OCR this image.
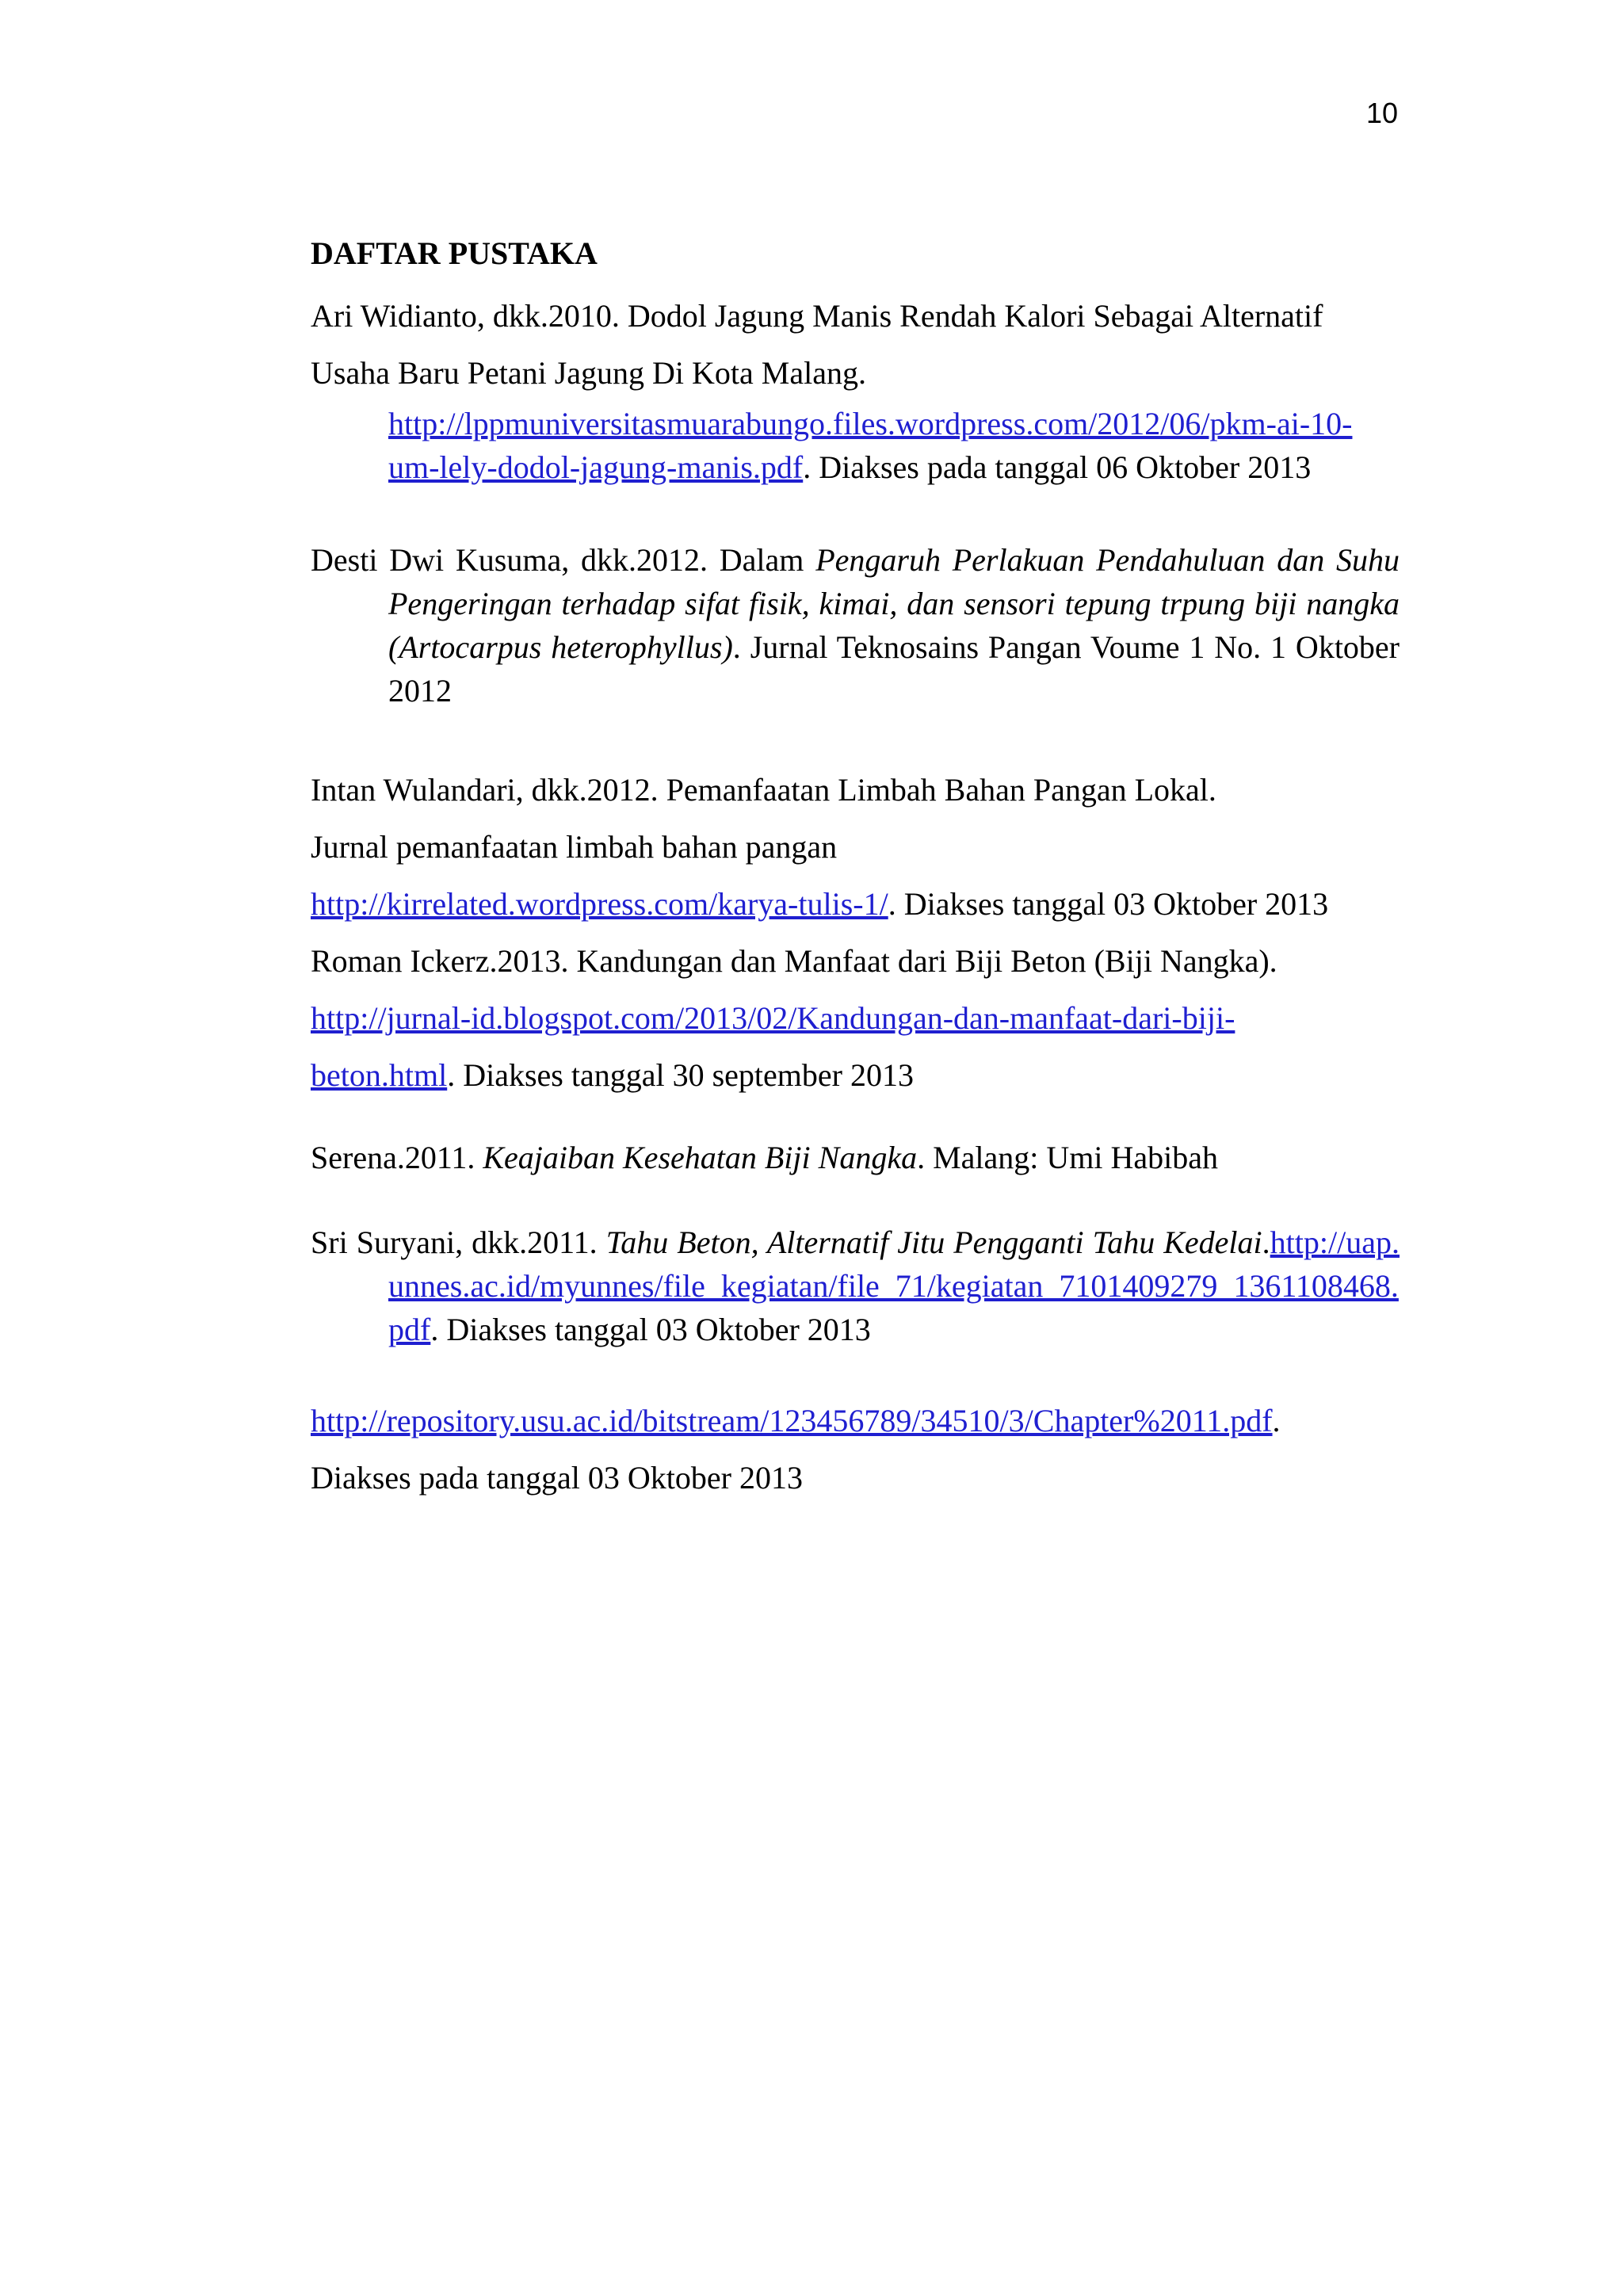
10
DAFTAR PUSTAKA
Ari Widianto, dkk.2010. Dodol Jagung Manis Rendah Kalori Sebagai Alternatif
Usaha Baru Petani Jagung Di Kota Malang.
http://lppmuniversitasmuarabungo.files.wordpress.com/2012/06/pkm-ai-10-
um-lely-dodol-jagung-manis.pdf. Diakses pada tanggal 06 Oktober 2013
Desti Dwi Kusuma, dkk.2012. Dalam Pengaruh Perlakuan Pendahuluan dan Suhu Pengeringan terhadap sifat fisik, kimai, dan sensori tepung trpung biji nangka (Artocarpus heterophyllus). Jurnal Teknosains Pangan Voume 1 No. 1 Oktober 2012
Intan Wulandari, dkk.2012. Pemanfaatan Limbah Bahan Pangan Lokal.
Jurnal pemanfaatan limbah bahan pangan
http://kirrelated.wordpress.com/karya-tulis-1/. Diakses tanggal 03 Oktober 2013
Roman Ickerz.2013. Kandungan dan Manfaat dari Biji Beton (Biji Nangka).
http://jurnal-id.blogspot.com/2013/02/Kandungan-dan-manfaat-dari-biji-
beton.html. Diakses tanggal 30 september 2013
Serena.2011. Keajaiban Kesehatan Biji Nangka. Malang: Umi Habibah
Sri Suryani, dkk.2011. Tahu Beton, Alternatif Jitu Pengganti Tahu Kedelai.http://uap.unnes.ac.id/myunnes/file_kegiatan/file_71/kegiatan_7101409279_1361108468.pdf. Diakses tanggal 03 Oktober 2013
http://repository.usu.ac.id/bitstream/123456789/34510/3/Chapter%2011.pdf.
Diakses pada tanggal 03 Oktober 2013
